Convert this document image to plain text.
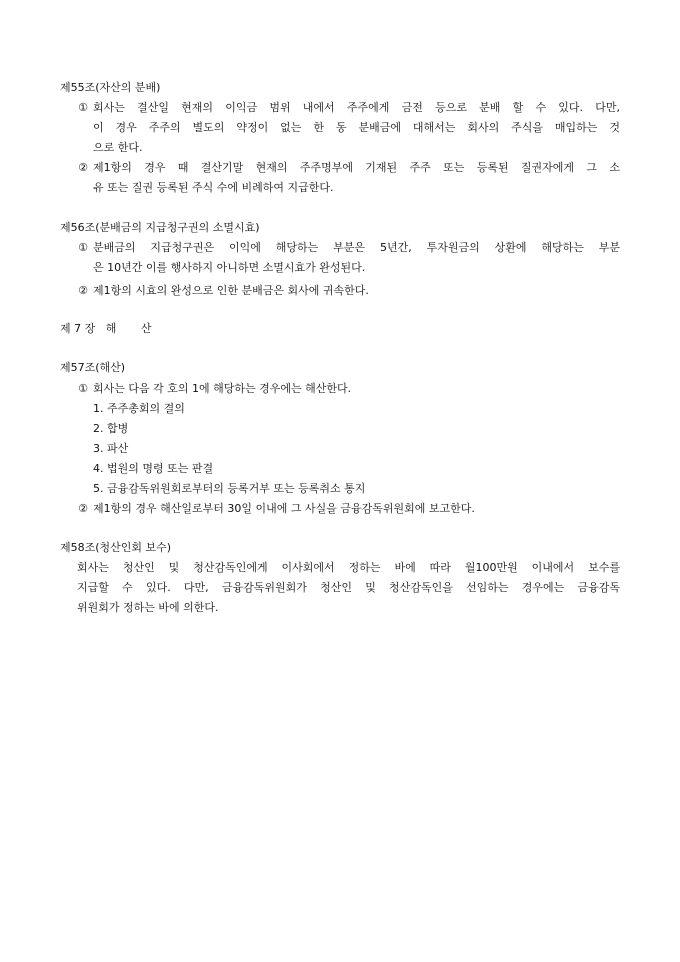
제55조(자산의 분배)
① 회사는 결산일 현재의 이익금 범위 내에서 주주에게 금전 등으로 분배 할 수 있다. 다만,
이 경우 주주의 별도의 약정이 없는 한 동 분배금에 대해서는 회사의 주식을 매입하는 것
으로 한다.
② 제1항의 경우 때 결산기말 현재의 주주명부에 기재된 주주 또는 등록된 질권자에게 그 소
유 또는 질권 등록된 주식 수에 비례하여 지급한다.
제56조(분배금의 지급청구권의 소멸시효)
① 분배금의 지급청구권은 이익에 해당하는 부분은 5년간, 투자원금의 상환에 해당하는 부분
은 10년간 이를 행사하지 아니하면 소멸시효가 완성된다.
② 제1항의 시효의 완성으로 인한 분배금은 회사에 귀속한다.
제 7 장   해       산
제57조(해산)
① 회사는 다음 각 호의 1에 해당하는 경우에는 해산한다.
1. 주주총회의 결의
2. 합병
3. 파산
4. 법원의 명령 또는 판결
5. 금융감독위원회로부터의 등록거부 또는 등록취소 통지
② 제1항의 경우 해산일로부터 30일 이내에 그 사실을 금융감독위원회에 보고한다.
제58조(청산인회 보수)
회사는 청산인 및 청산감독인에게 이사회에서 정하는 바에 따라 월100만원 이내에서 보수를
지급할 수 있다. 다만, 금융감독위원회가 청산인 및 청산감독인을 선임하는 경우에는 금융감독
위원회가 정하는 바에 의한다.
